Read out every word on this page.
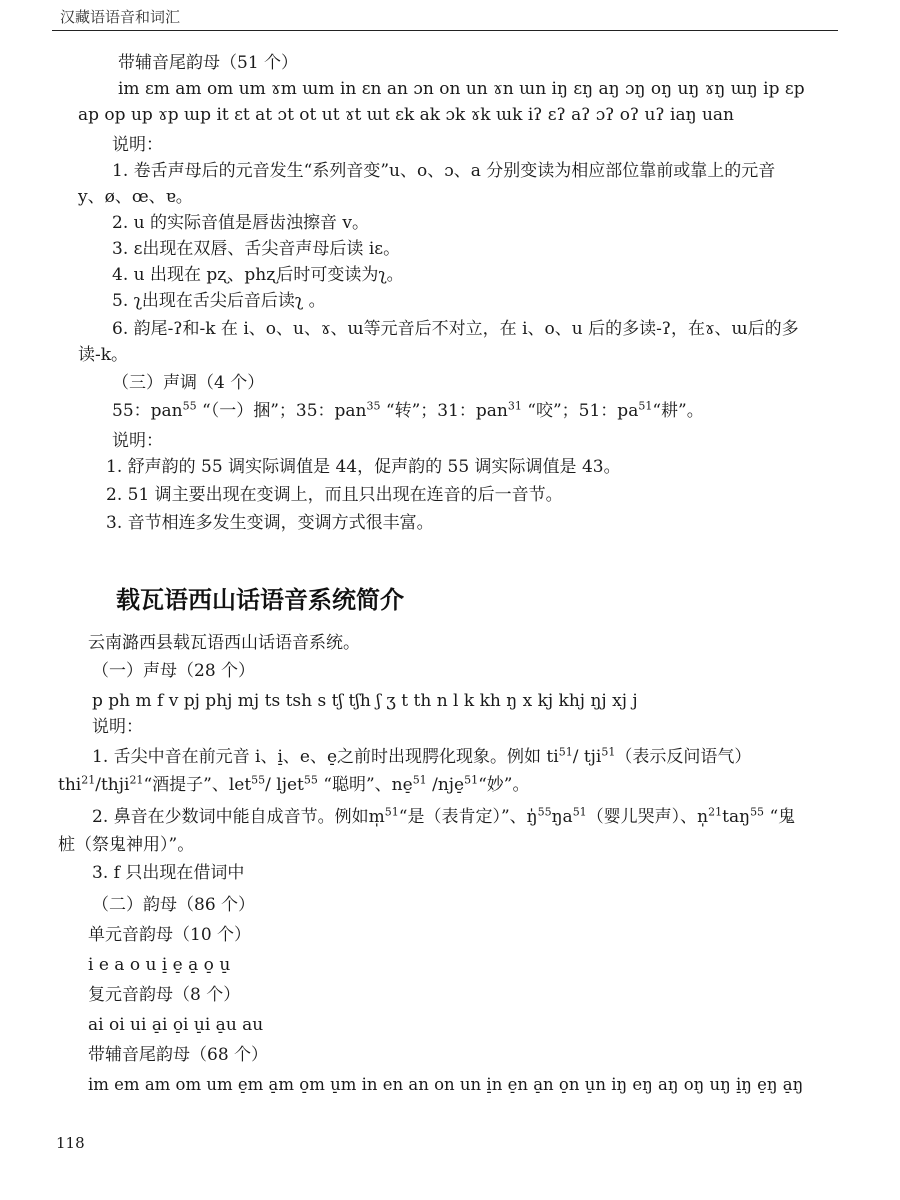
汉藏语语音和词汇
带辅音尾韵母（51 个）
im ɛm am om um ɤm ɯm in ɛn an ɔn on un ɤn ɯn iŋ ɛŋ aŋ ɔŋ oŋ uŋ ɤŋ ɯŋ ip ɛp
ap op up ɤp ɯp it ɛt at ɔt ot ut ɤt ɯt ɛk ak ɔk ɤk ɯk iʔ ɛʔ aʔ ɔʔ oʔ uʔ iaŋ uan
说明：
1. 卷舌声母后的元音发生“系列音变”u、o、ɔ、a 分别变读为相应部位靠前或靠上的元音
y、ø、œ、ɐ。
2. u 的实际音值是唇齿浊擦音 v。
3. ɛ出现在双唇、舌尖音声母后读 iɛ。
4. u 出现在 pʐ、phʐ后时可变读为ʅ。
5. ʅ出现在舌尖后音后读ʅ 。
6. 韵尾-ʔ和-k 在 i、o、u、ɤ、ɯ等元音后不对立，在 i、o、u 后的多读-ʔ，在ɤ、ɯ后的多
读-k。
（三）声调（4 个）
55：pan$^{55}$ “（一）捆”；35：pan$^{35}$ “转”；31：pan$^{31}$ “咬”；51：$pa^{51}“$耕”。
说明：
1. 舒声韵的 55 调实际调值是 44，促声韵的 55 调实际调值是 43。
2. 51 调主要出现在变调上，而且只出现在连音的后一音节。
3. 音节相连多发生变调，变调方式很丰富。
载瓦语西山话语音系统简介
云南潞西县载瓦语西山话语音系统。
（一）声母（28 个）
p ph m f v pj phj mj ts tsh s tʃ tʃh ʃ ʒ t th n l k kh ŋ x kj khj ŋj xj j
说明：
1. 舌尖中音在前元音 i、i̠、e、e̠之前时出现腭化现象。例如 $ti^{51}/$ tji$^{51}$（表示反问语气）
thi$^{21}$/thji$^{21}$“酒提子”、let$^{55}$/ ljet$^{55}$ “聪明”、ne̠$^{51}$ /nje̠$^{51}$“妙”。
2. 鼻音在少数词中能自成音节。例如m̩$^{51}$“是（表肯定）”、$ŋ̍^{55}ŋa^{51}$（婴儿哭声）、n̩$^{21}$taŋ$^{55}$ “鬼
桩（祭鬼神用）”。
3. f 只出现在借词中
（二）韵母（86 个）
单元音韵母（10 个）
i e a o u i̠ e̠ a̠ o̠ u̠
复元音韵母（8 个）
ai oi ui a̠i o̠i u̠i a̠u au
带辅音尾韵母（68 个）
im em am om um e̠m a̠m o̠m u̠m in en an on un i̠n e̠n a̠n o̠n u̠n iŋ eŋ aŋ oŋ uŋ i̠ŋ e̠ŋ a̠ŋ
118
